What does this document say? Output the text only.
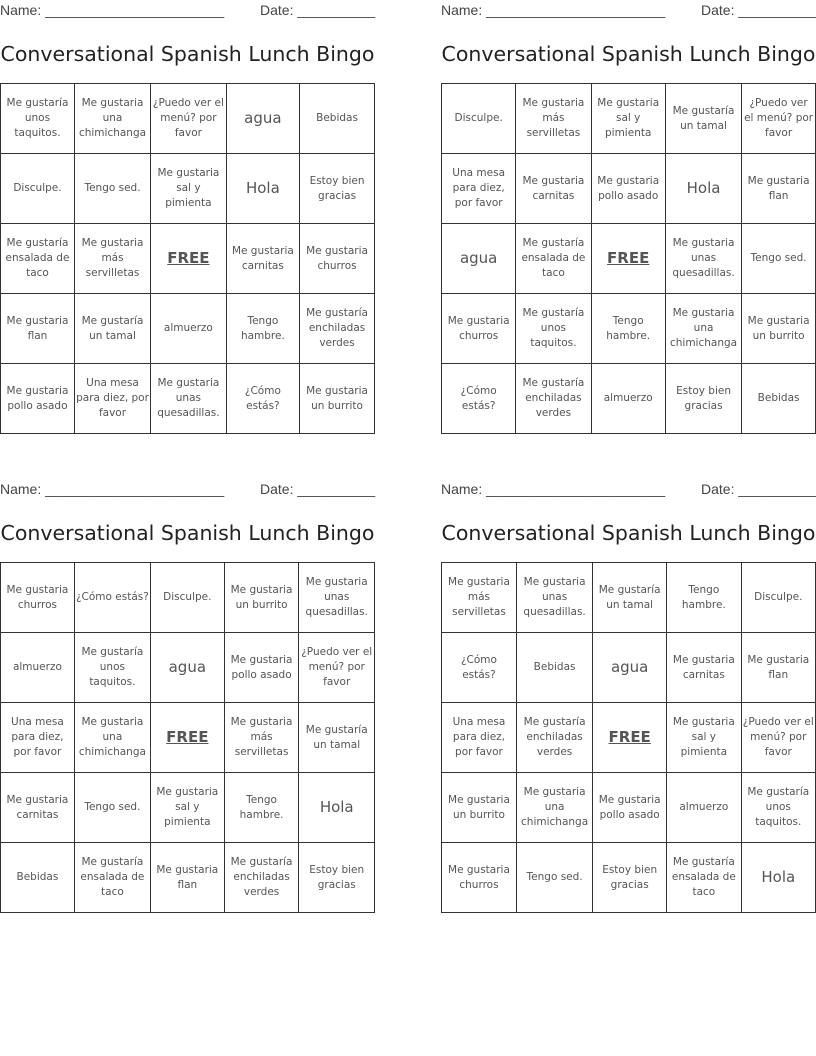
Name: _______________________	Date: __________
Conversational Spanish Lunch Bingo
Me gustaría unos taquitos.	Me gustaria una chimichanga	¿Puedo ver el menú? por favor	agua	Bebidas
Disculpe.	Tengo sed.	Me gustaria sal y pimienta	Hola	Estoy bien gracias
Me gustaría ensalada de taco	Me gustaria más servilletas	FREE	Me gustaria carnitas	Me gustaria churros
Me gustaria flan	Me gustaría un tamal	almuerzo	Tengo hambre.	Me gustaría enchiladas verdes
Me gustaria pollo asado	Una mesa para diez, por favor	Me gustaria unas quesadillas.	¿Cómo estás?	Me gustaria un burrito
Name: _______________________	Date: __________
Conversational Spanish Lunch Bingo
Disculpe.	Me gustaria más servilletas	Me gustaria sal y pimienta	Me gustaría un tamal	¿Puedo ver el menú? por favor
Una mesa para diez, por favor	Me gustaria carnitas	Me gustaria pollo asado	Hola	Me gustaria flan
agua	Me gustaría ensalada de taco	FREE	Me gustaria unas quesadillas.	Tengo sed.
Me gustaria churros	Me gustaría unos taquitos.	Tengo hambre.	Me gustaria una chimichanga	Me gustaria un burrito
¿Cómo estás?	Me gustaría enchiladas verdes	almuerzo	Estoy bien gracias	Bebidas
Name: _______________________	Date: __________
Conversational Spanish Lunch Bingo
Me gustaria churros	¿Cómo estás?	Disculpe.	Me gustaria un burrito	Me gustaria unas quesadillas.
almuerzo	Me gustaría unos taquitos.	agua	Me gustaria pollo asado	¿Puedo ver el menú? por favor
Una mesa para diez, por favor	Me gustaria una chimichanga	FREE	Me gustaria más servilletas	Me gustaría un tamal
Me gustaria carnitas	Tengo sed.	Me gustaria sal y pimienta	Tengo hambre.	Hola
Bebidas	Me gustaría ensalada de taco	Me gustaria flan	Me gustaría enchiladas verdes	Estoy bien gracias
Name: _______________________	Date: __________
Conversational Spanish Lunch Bingo
Me gustaria más servilletas	Me gustaria unas quesadillas.	Me gustaría un tamal	Tengo hambre.	Disculpe.
¿Cómo estás?	Bebidas	agua	Me gustaria carnitas	Me gustaria flan
Una mesa para diez, por favor	Me gustaría enchiladas verdes	FREE	Me gustaria sal y pimienta	¿Puedo ver el menú? por favor
Me gustaria un burrito	Me gustaria una chimichanga	Me gustaria pollo asado	almuerzo	Me gustaría unos taquitos.
Me gustaria churros	Tengo sed.	Estoy bien gracias	Me gustaría ensalada de taco	Hola
